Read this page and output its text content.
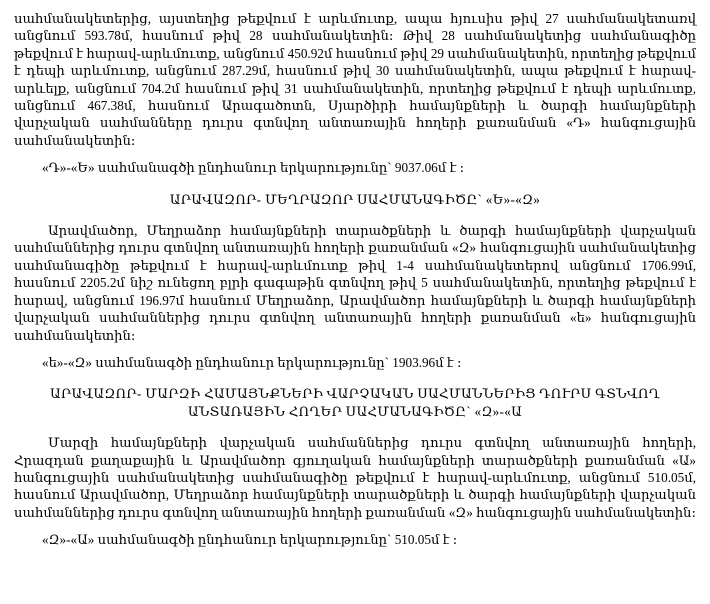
սահմանակետերից, այստեղից թեքվում է արևմուտք, ապա հյուսիս թիվ 27 սահմանակետառվ անցնում 593.78մ, հասնում թիվ 28 սահմանակետին։ Թիվ 28 սահմանակետից սահմանագիծը թեքվում է հարավ-արևմուտք, անցնում 450.92մ հասնում թիվ 29 սահմանակետին, որտեղից թեքվում է դեպի արևմուտք, անցնում 287.29մ, հասնում թիվ 30 սահմանակետին, ապա թեքվում է հարավ-արևելք, անցնում 704.2մ հասնում թիվ 31 սահմանակետին, որտեղից թեքվում է դեպի արևմուտք, անցնում 467.38մ, հասնում Արագածոտն, Սյարծիրի համայնքների և ծարգի համայնքների վարչական սահմանները դուրս գտնվող անտառային հողերի քառանման «Դ» հանգուցային սահմանակետին։

«Դ»-«Ե» սահմանագծի ընդհանուր երկարությունը` 9037.06մ է ։

ԱՐԱՎԱԶՈՐ- ՄԵՂՐԱԶՈՐ ՍԱՀՄԱՆԱԳԻԾԸ` «Ե»-«Զ»

Արավմածոր, Մեղրաձոր համայնքների տարածքների և ծարգի համայնքների վարչական սահմաններից դուրս գտնվող անտառային հողերի քառանման «Զ» հանգուցային սահմանակետից սահմանագիծը թեքվում է հարավ-արևմուտք թիվ 1-4 սահմանակետերով անցնում 1706.99մ, հասնում 2205.2մ նիշ ունեցող բլրի գագաթին գտնվող թիվ 5 սահմանակետին, որտեղից թեքվում է հարավ, անցնում 196.97մ հասնում Մեղրաձոր, Արավմածոր համայնքների և ծարգի համայնքների վարչական սահմաններից դուրս գտնվող անտառային հողերի քառանման «ե» հանգուցային սահմանակետին։

«ե»-«Զ» սահմանագծի ընդհանուր երկարությունը` 1903.96մ է ։

ԱՐԱՎԱԶՈՐ- ՄԱՐԶԻ ՀԱՄԱՅՆՔՆԵՐԻ ՎԱՐՉԱԿԱՆ ՍԱՀՄԱՆՆԵՐԻՑ ԴՈՒՐՍ ԳՏՆՎՈՂ

ԱՆՏԱՌԱՅԻՆ ՀՈՂԵՐ ՍԱՀՄԱՆԱԳԻԾԸ` «Զ»-«Ա

Մարզի համայնքների վարչական սահմաններից դուրս գտնվող անտառային հողերի, Հրազդան քաղաքային և Արավմածոր գյուղական համայնքների տարածքների քառանման «Ա» հանգուցային սահմանակետից սահմանագիծը թեքվում է հարավ-արևմուտք, անցնում 510.05մ, հասնում Արավմածոր, Մեղրաձոր համայնքների տարածքների և ծարգի համայնքների վարչական սահմաններից դուրս գտնվող անտառային հողերի քառանման «Զ» հանգուցային սահմանակետին։

«Զ»-«Ա» սահմանագծի ընդհանուր երկարությունը` 510.05մ է ։
